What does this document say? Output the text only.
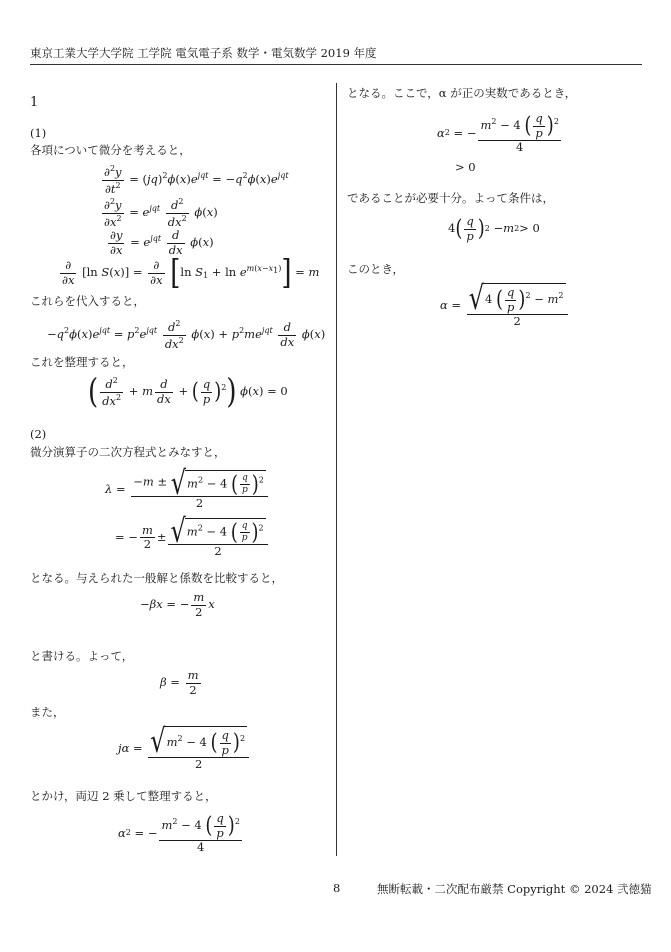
東京工業大学大学院 工学院 電気電子系 数学・電気数学 2019 年度
1
(1)
各項について微分を考えると，
$\frac{\partial^2y}{\partial t^2} = (jq)^2\phi(x)e^{jqt} = -q^2\phi(x)e^{jqt}$
$\frac{\partial^2y}{\partial x^2} = e^{jqt} \frac{d^2}{dx^2} \phi(x)$
$\frac{\partial y}{\partial x} = e^{jqt} \frac{d}{dx} \phi(x)$
∂
∂x
[ln S(x)] = ∂
∂x [ln $S_1 + \ln e^{m(x-x_1)}] = m$
これらを代入すると，
$-q^2\phi(x)e^{jqt} = p^2e^{jqt} \frac{d^2}{dx^2} \phi(x) + p^2me^{jqt} \frac{d}{dx} \phi(x)$
これを整理すると，
( $\frac{d^2}{dx^2} + m \frac{d}{dx}$ + ( $\frac{q}{p} )^2$) ϕ(x) = 0
(2)
微分演算子の二次方程式とみなすと，
λ =
$-m \pm √m^2 - 4$ ( $\frac{q}{p} )^2$
2
= −
m
2
± $√m^2 - 4$ ( $\frac{q}{p} )^2$
2
となる。与えられた一般解と係数を比較すると，
−βx = − $\frac{m}{2}$ x
と書ける。よって，
$\beta = \frac{m}{2}$
また，
$j\alpha = √m^2 - 4$ ( $\frac{q}{p} )^2$
2
とかけ，両辺 2 乗して整理すると，
α 2 = −
$m^2 - 4$ ( $\frac{q}{p} )^2$
4
となる。ここで，α が正の実数であるとき，
α 2 = −
$m^2 - 4$ ( $\frac{q}{p} )^2$
4
> 0
であることが必要十分。よって条件は，
4 ( q
p ) 2 − m 2 > 0
このとき，
α = √4 ( $\frac{q}{p} )^2 - m^2$
2
8	無断転載・二次配布厳禁 Copyright © 2024 弐徳猫
